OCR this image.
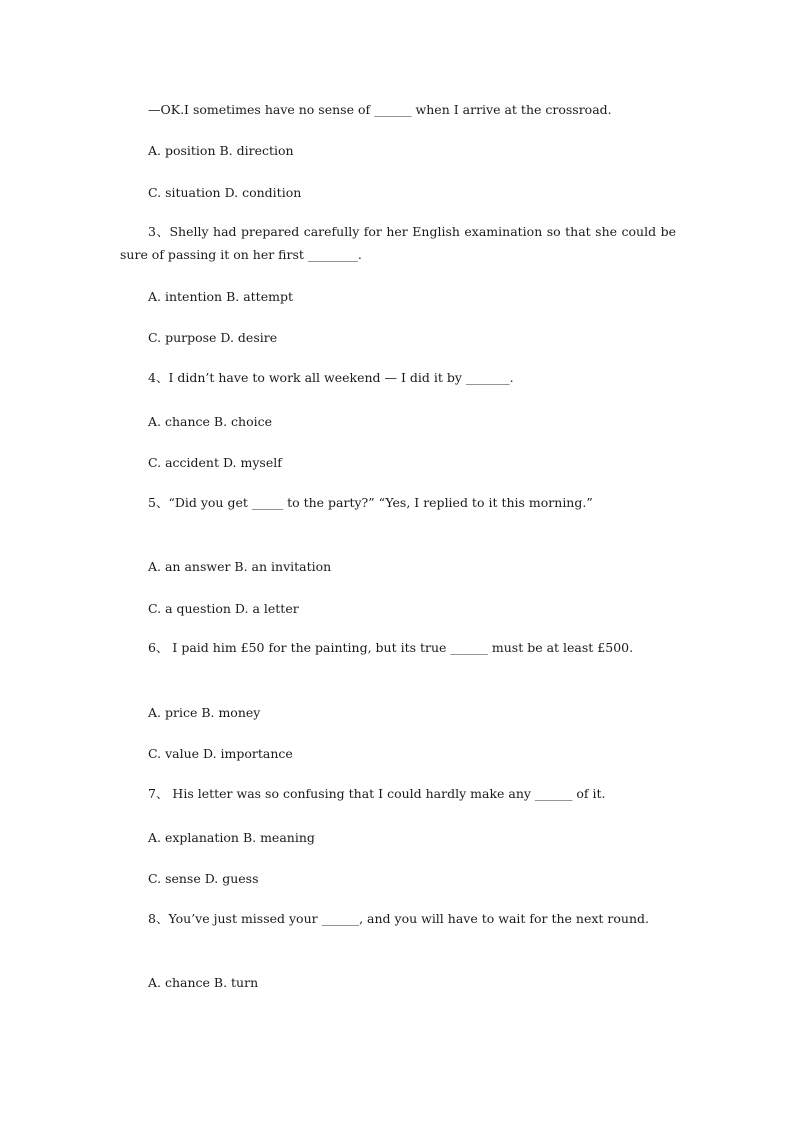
—OK.I sometimes have no sense of ______ when I arrive at the crossroad.
A. position B. direction
C. situation D. condition
3、Shelly had prepared carefully for her English examination so that she could be sure of passing it on her first ________.
A. intention B. attempt
C. purpose D. desire
4、I didn’t have to work all weekend — I did it by _______.
A. chance B. choice
C. accident D. myself
5、“Did you get _____ to the party?” “Yes, I replied to it this morning.”
A. an answer B. an invitation
C. a question D. a letter
6、 I paid him £50 for the painting, but its true ______ must be at least £500.
A. price B. money
C. value D. importance
7、 His letter was so confusing that I could hardly make any ______ of it.
A. explanation B. meaning
C. sense D. guess
8、You’ve just missed your ______, and you will have to wait for the next round.
A. chance B. turn
